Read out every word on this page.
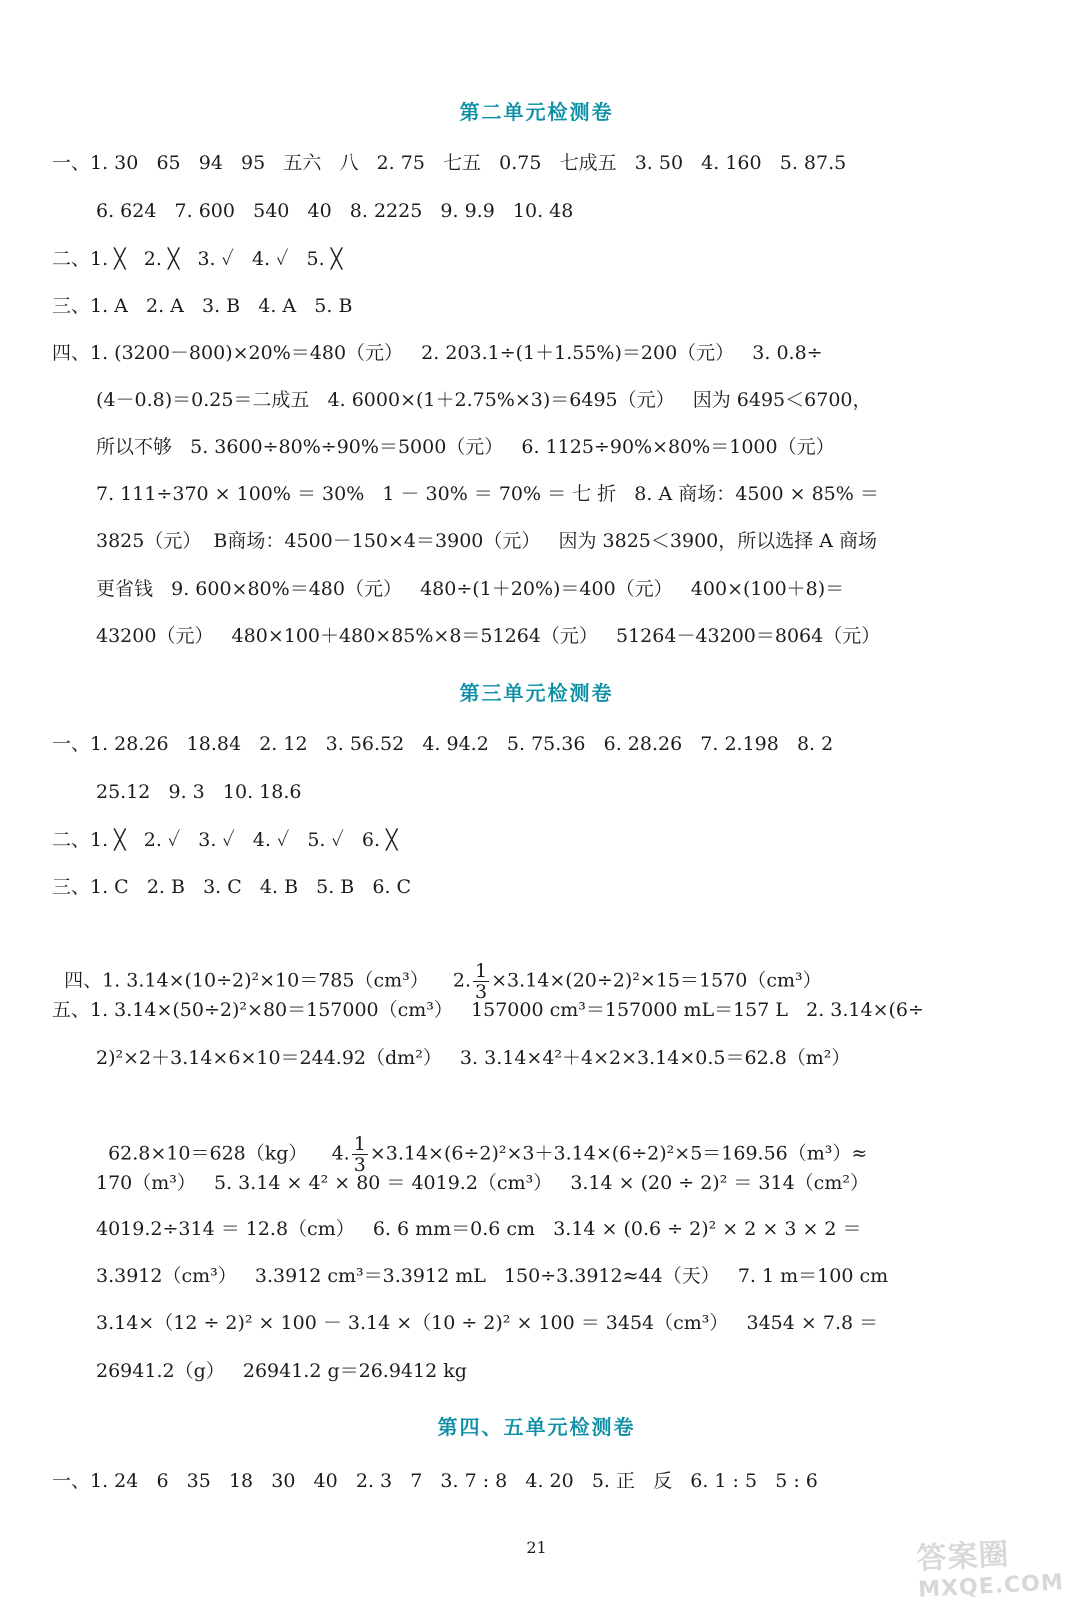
第二单元检测卷
一、1. 30   65   94   95   五六   八   2. 75   七五   0.75   七成五   3. 50   4. 160   5. 87.5
6. 624   7. 600   540   40   8. 2225   9. 9.9   10. 48
二、1. ╳   2. ╳   3. ✓   4. ✓   5. ╳
三、1. A   2. A   3. B   4. A   5. B
四、1. (3200－800)×20%＝480（元）   2. 203.1÷(1＋1.55%)＝200（元）   3. 0.8÷
(4－0.8)＝0.25＝二成五   4. 6000×(1＋2.75%×3)＝6495（元）   因为 6495＜6700，
所以不够   5. 3600÷80%÷90%＝5000（元）   6. 1125÷90%×80%＝1000（元）
7. 111÷370 × 100% ＝ 30%   1 － 30% ＝ 70% ＝ 七 折   8. A 商场：4500 × 85% ＝
3825（元）  B商场：4500－150×4＝3900（元）   因为 3825＜3900，所以选择 A 商场
更省钱   9. 600×80%＝480（元）   480÷(1＋20%)＝400（元）   400×(100＋8)＝
43200（元）   480×100＋480×85%×8＝51264（元）   51264－43200＝8064（元）
第三单元检测卷
一、1. 28.26   18.84   2. 12   3. 56.52   4. 94.2   5. 75.36   6. 28.26   7. 2.198   8. 2
25.12   9. 3   10. 18.6
二、1. ╳   2. ✓   3. ✓   4. ✓   5. ✓   6. ╳
三、1. C   2. B   3. C   4. B   5. B   6. C

四、1. 3.14×(10÷2)²×10＝785（cm³）    2. $\frac{1}{3} \times 3.14\times(20\div 2)^2\times 15=1570(cm^3)$

五、1. 3.14×(50÷2)²×80＝157000（cm³）   157000 cm³＝157000 mL＝157 L   2. 3.14×(6÷
2)²×2＋3.14×6×10＝244.92（dm²）   3. 3.14×4²＋4×2×3.14×0.5＝62.8（m²）

62.8×10＝628（kg）    4. $\frac{1}{3} \times 3.14\times(6\div 2)^2\times 3+3.14\times(6\div 2)^2\times 5=169.56(m^3)\approx$

170（m³）   5. 3.14 × 4² × 80 ＝ 4019.2（cm³）   3.14 × (20 ÷ 2)² ＝ 314（cm²）
4019.2÷314 ＝ 12.8（cm）   6. 6 mm＝0.6 cm   3.14 × (0.6 ÷ 2)² × 2 × 3 × 2 ＝
3.3912（cm³）   3.3912 cm³＝3.3912 mL   150÷3.3912≈44（天）   7. 1 m＝100 cm
3.14×（12 ÷ 2)² × 100 － 3.14 ×（10 ÷ 2)² × 100 ＝ 3454（cm³）   3454 × 7.8 ＝
26941.2（g）   26941.2 g＝26.9412 kg
第四、五单元检测卷
一、1. 24   6   35   18   30   40   2. 3   7   3. 7 : 8   4. 20   5. 正   反   6. 1 : 5   5 : 6
21	答案圈
MXQE.COM
